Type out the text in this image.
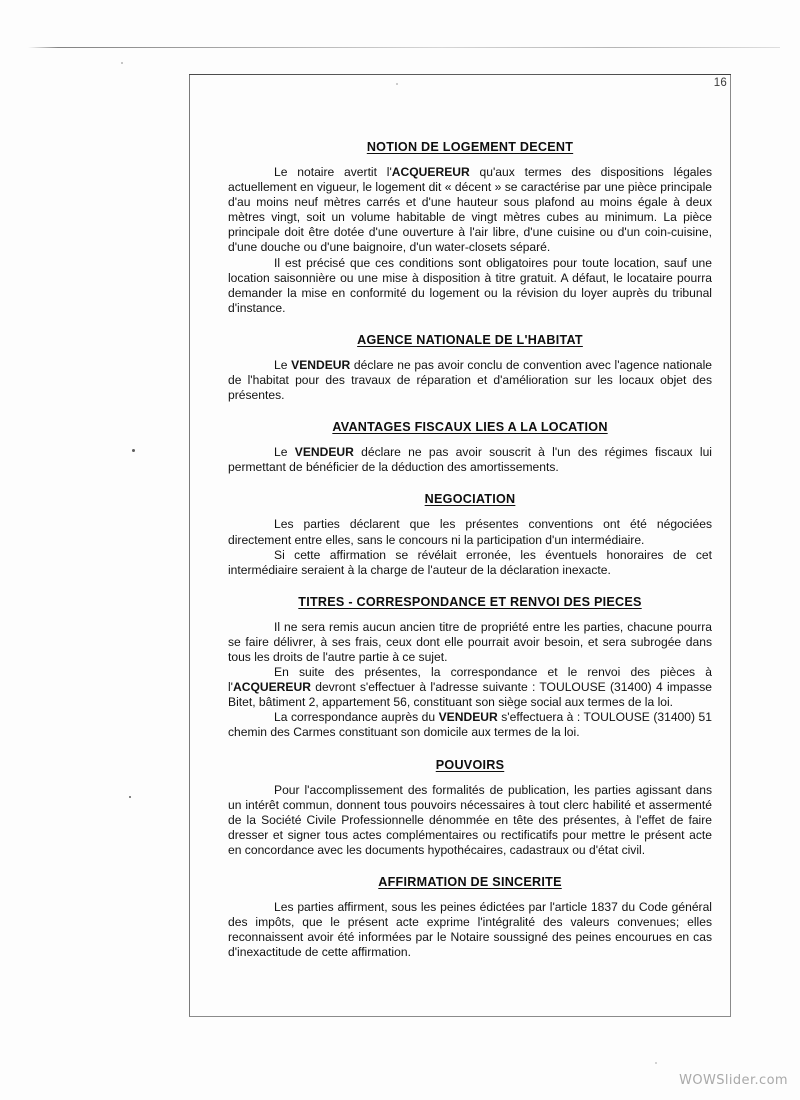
16

NOTION DE LOGEMENT DECENT

Le notaire avertit l'ACQUEREUR qu'aux termes des dispositions légales actuellement en vigueur, le logement dit « décent » se caractérise par une pièce principale d'au moins neuf mètres carrés et d'une hauteur sous plafond au moins égale à deux mètres vingt, soit un volume habitable de vingt mètres cubes au minimum. La pièce principale doit être dotée d'une ouverture à l'air libre, d'une cuisine ou d'un coin-cuisine, d'une douche ou d'une baignoire, d'un water-closets séparé.

Il est précisé que ces conditions sont obligatoires pour toute location, sauf une location saisonnière ou une mise à disposition à titre gratuit. A défaut, le locataire pourra demander la mise en conformité du logement ou la révision du loyer auprès du tribunal d'instance.

AGENCE NATIONALE DE L'HABITAT

Le VENDEUR déclare ne pas avoir conclu de convention avec l'agence nationale de l'habitat pour des travaux de réparation et d'amélioration sur les locaux objet des présentes.

AVANTAGES FISCAUX LIES A LA LOCATION

Le VENDEUR déclare ne pas avoir souscrit à l'un des régimes fiscaux lui permettant de bénéficier de la déduction des amortissements.

NEGOCIATION

Les parties déclarent que les présentes conventions ont été négociées directement entre elles, sans le concours ni la participation d'un intermédiaire.

Si cette affirmation se révélait erronée, les éventuels honoraires de cet intermédiaire seraient à la charge de l'auteur de la déclaration inexacte.

TITRES - CORRESPONDANCE ET RENVOI DES PIECES

Il ne sera remis aucun ancien titre de propriété entre les parties, chacune pourra se faire délivrer, à ses frais, ceux dont elle pourrait avoir besoin, et sera subrogée dans tous les droits de l'autre partie à ce sujet.

En suite des présentes, la correspondance et le renvoi des pièces à l'ACQUEREUR devront s'effectuer à l'adresse suivante : TOULOUSE (31400) 4 impasse Bitet, bâtiment 2, appartement 56, constituant son siège social aux termes de la loi.

La correspondance auprès du VENDEUR s'effectuera à : TOULOUSE (31400) 51 chemin des Carmes constituant son domicile aux termes de la loi.

POUVOIRS

Pour l'accomplissement des formalités de publication, les parties agissant dans un intérêt commun, donnent tous pouvoirs nécessaires à tout clerc habilité et assermenté de la Société Civile Professionnelle dénommée en tête des présentes, à l'effet de faire dresser et signer tous actes complémentaires ou rectificatifs pour mettre le présent acte en concordance avec les documents hypothécaires, cadastraux ou d'état civil.

AFFIRMATION DE SINCERITE

Les parties affirment, sous les peines édictées par l'article 1837 du Code général des impôts, que le présent acte exprime l'intégralité des valeurs convenues; elles reconnaissent avoir été informées par le Notaire soussigné des peines encourues en cas d'inexactitude de cette affirmation.

WOWSlider.com
